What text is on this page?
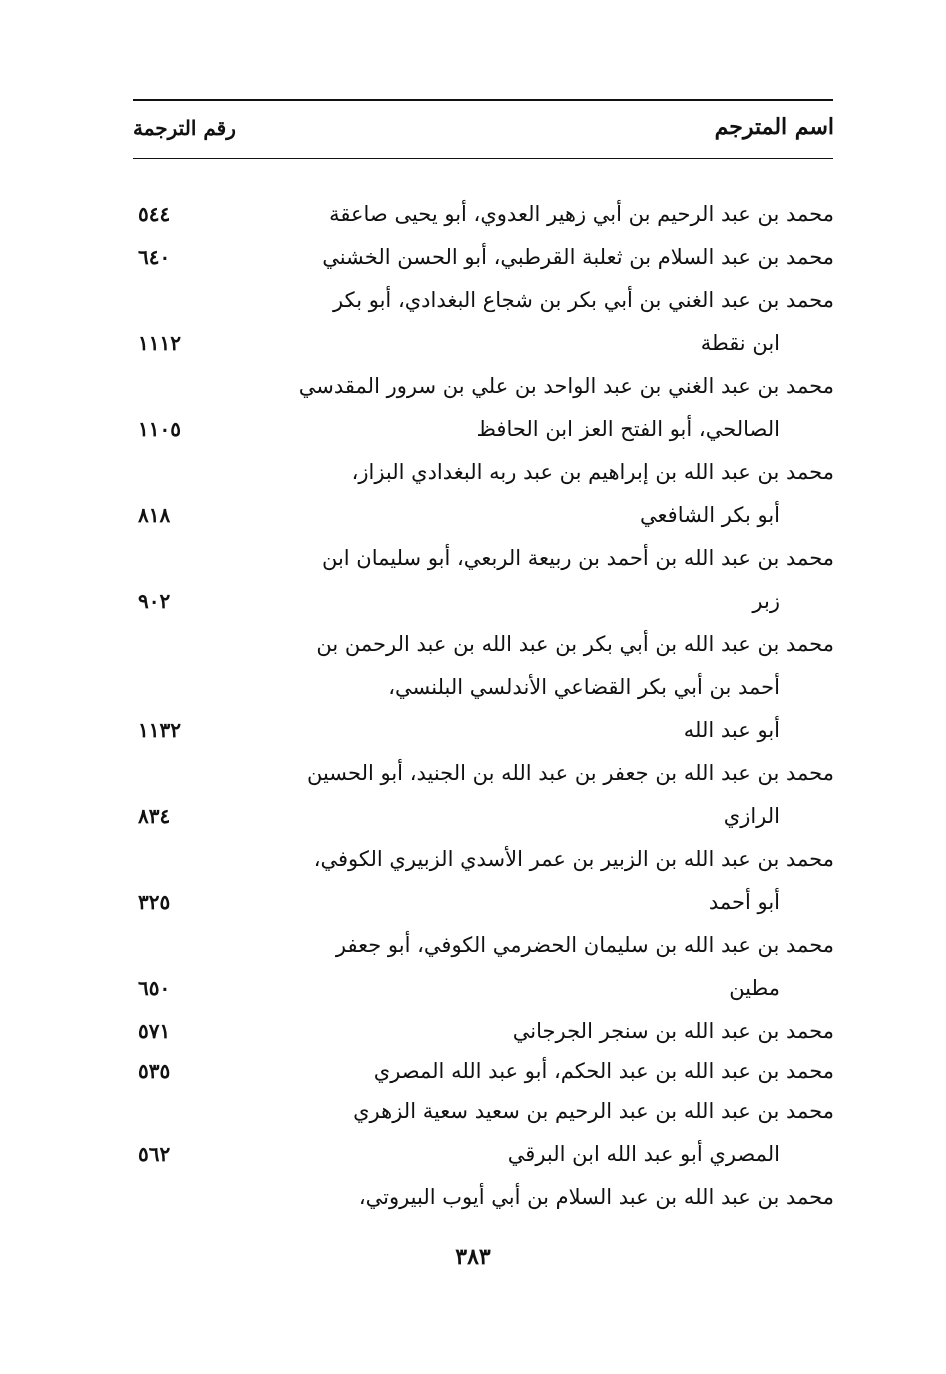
اسم المترجم
رقم الترجمة
محمد بن عبد الرحيم بن أبي زهير العدوي، أبو يحيى صاعقة
٥٤٤
محمد بن عبد السلام بن ثعلبة القرطبي، أبو الحسن الخشني
٦٤٠
محمد بن عبد الغني بن أبي بكر بن شجاع البغدادي، أبو بكر
ابن نقطة
١١١٢
محمد بن عبد الغني بن عبد الواحد بن علي بن سرور المقدسي
الصالحي، أبو الفتح العز ابن الحافظ
١١٠٥
محمد بن عبد الله بن إبراهيم بن عبد ربه البغدادي البزاز،
أبو بكر الشافعي
٨١٨
محمد بن عبد الله بن أحمد بن ربيعة الربعي، أبو سليمان ابن
زبر
٩٠٢
محمد بن عبد الله بن أبي بكر بن عبد الله بن عبد الرحمن بن
أحمد بن أبي بكر القضاعي الأندلسي البلنسي،
أبو عبد الله
١١٣٢
محمد بن عبد الله بن جعفر بن عبد الله بن الجنيد، أبو الحسين
الرازي
٨٣٤
محمد بن عبد الله بن الزبير بن عمر الأسدي الزبيري الكوفي،
أبو أحمد
٣٢٥
محمد بن عبد الله بن سليمان الحضرمي الكوفي، أبو جعفر
مطين
٦٥٠
محمد بن عبد الله بن سنجر الجرجاني
٥٧١
محمد بن عبد الله بن عبد الحكم، أبو عبد الله المصري
٥٣٥
محمد بن عبد الله بن عبد الرحيم بن سعيد سعية الزهري
المصري أبو عبد الله ابن البرقي
٥٦٢
محمد بن عبد الله بن عبد السلام بن أبي أيوب البيروتي،
٣٨٣
